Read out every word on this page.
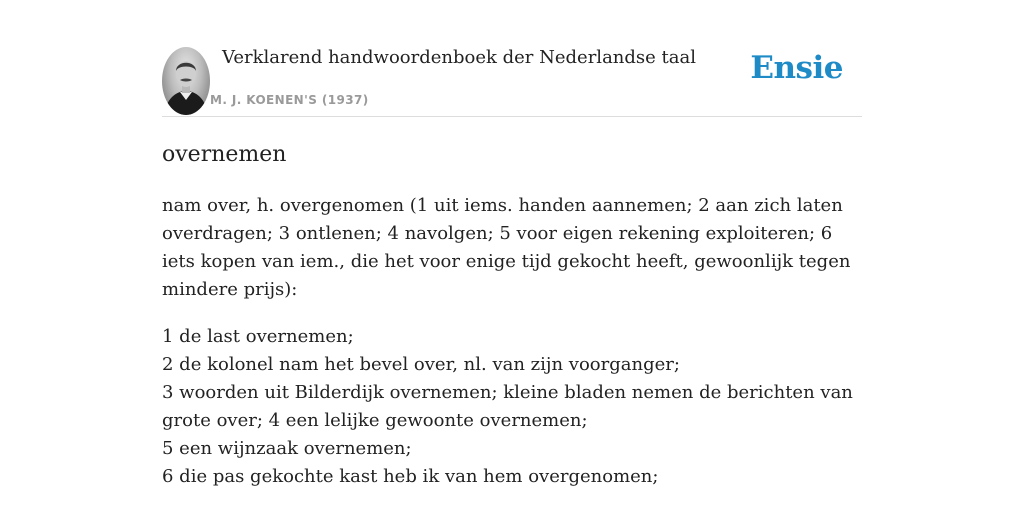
Verklarend handwoordenboek der Nederlandse taal
M. J. KOENEN'S (1937)
Ensie
overnemen

nam over, h. overgenomen (1 uit iems. handen aannemen; 2 aan zich laten overdragen; 3 ontlenen; 4 navolgen; 5 voor eigen rekening exploiteren; 6 iets kopen van iem., die het voor enige tijd gekocht heeft, gewoonlijk tegen mindere prijs):

1 de last overnemen;
2 de kolonel nam het bevel over, nl. van zijn voorganger;
3 woorden uit Bilderdijk overnemen; kleine bladen nemen de berichten van grote over; 4 een lelijke gewoonte overnemen;
5 een wijnzaak overnemen;
6 die pas gekochte kast heb ik van hem overgenomen;
